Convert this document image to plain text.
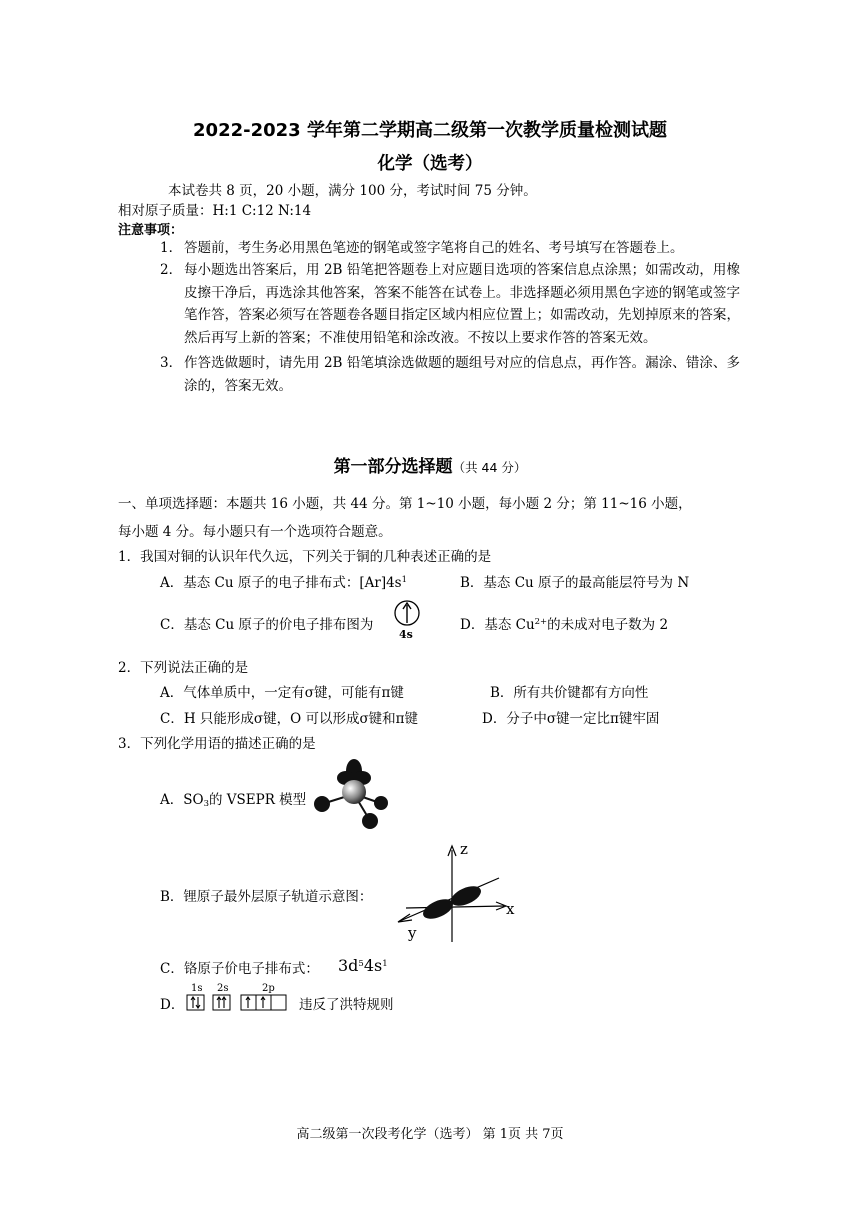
2022-2023 学年第二学期高二级第一次教学质量检测试题
化学（选考）
本试卷共 8 页，20 小题，满分 100 分，考试时间 75 分钟。
相对原子质量：H:1 C:12 N:14
注意事项：
1． 答题前，考生务必用黑色笔迹的钢笔或签字笔将自己的姓名、考号填写在答题卷上。
2． 每小题选出答案后，用 2B 铅笔把答题卷上对应题目选项的答案信息点涂黑；如需改动，用橡皮擦干净后，再选涂其他答案，答案不能答在试卷上。非选择题必须用黑色字迹的钢笔或签字笔作答，答案必须写在答题卷各题目指定区域内相应位置上；如需改动，先划掉原来的答案，然后再写上新的答案；不准使用铅笔和涂改液。不按以上要求作答的答案无效。
3． 作答选做题时，请先用 2B 铅笔填涂选做题的题组号对应的信息点，再作答。漏涂、错涂、多涂的，答案无效。
第一部分选择题（共 44 分）
一、单项选择题：本题共 16 小题，共 44 分。第 1~10 小题，每小题 2 分；第 11~16 小题，
每小题 4 分。每小题只有一个选项符合题意。
1．我国对铜的认识年代久远，下列关于铜的几种表述正确的是
A．基态 Cu 原子的电子排布式：$[Ar]4s^1$	B．基态 Cu 原子的最高能层符号为 N
C．基态 Cu 原子的价电子排布图为
4s
D．基态 $Cu^{2+}$的未成对电子数为 2
2．下列说法正确的是
A．气体单质中，一定有σ键，可能有π键	B．所有共价键都有方向性
C．H 只能形成σ键，O 可以形成σ键和π键	D．分子中σ键一定比π键牢固
3．下列化学用语的描述正确的是
A．$SO_3$的 VSEPR 模型
B．锂原子最外层原子轨道示意图：
z
x
y
C．铬原子价电子排布式： $3d^54s^1$
D．
1s 2s	2p
违反了洪特规则
高二级第一次段考化学（选考） 第 1页 共 7页
